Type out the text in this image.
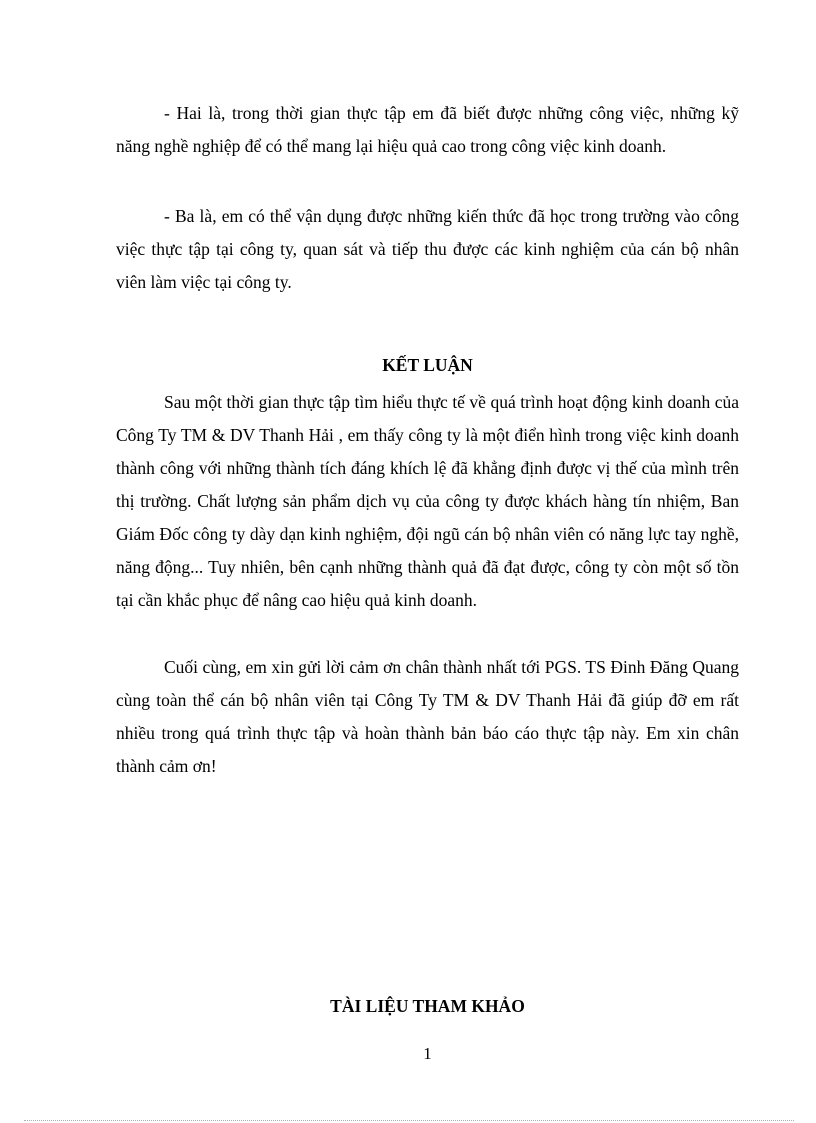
- Hai là, trong thời gian thực tập em đã biết được những công việc, những kỹ năng nghề nghiệp để có thể mang lại hiệu quả cao trong công việc kinh doanh.

- Ba là, em có thể vận dụng được những kiến thức đã học trong trường vào công việc thực tập tại công ty, quan sát và tiếp thu được các kinh nghiệm của cán bộ nhân viên làm việc tại công ty.

KẾT LUẬN

Sau một thời gian thực tập tìm hiểu thực tế về quá trình hoạt động kinh doanh của Công Ty TM & DV Thanh Hải , em thấy công ty là một điển hình trong việc kinh doanh thành công với những thành tích đáng khích lệ đã khẳng định được vị thế của mình trên thị trường. Chất lượng sản phẩm dịch vụ của công ty được khách hàng tín nhiệm, Ban Giám Đốc công ty dày dạn kinh nghiệm, đội ngũ cán bộ nhân viên có năng lực tay nghề, năng động... Tuy nhiên, bên cạnh những thành quả đã đạt được, công ty còn một số tồn tại cần khắc phục để nâng cao hiệu quả kinh doanh.

Cuối cùng, em xin gửi lời cảm ơn chân thành nhất tới PGS. TS Đinh Đăng Quang cùng toàn thể cán bộ nhân viên tại Công Ty TM & DV Thanh Hải đã giúp đỡ em rất nhiều trong quá trình thực tập và hoàn thành bản báo cáo thực tập này. Em xin chân thành cảm ơn!

TÀI LIỆU THAM KHẢO
1
